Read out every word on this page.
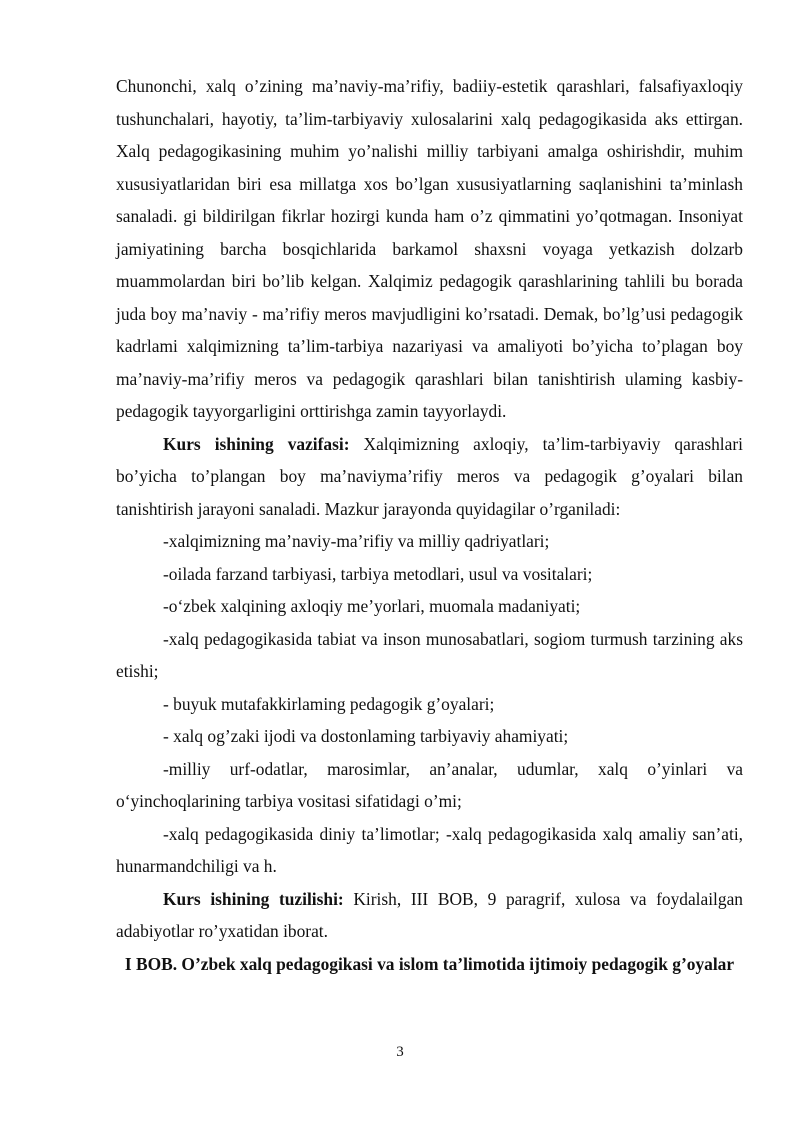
Chunonchi, xalq o’zining ma’naviy-ma’rifiy, badiiy-estetik qarashlari, falsafiyaxloqiy tushunchalari, hayotiy, ta’lim-tarbiyaviy xulosalarini xalq pedagogikasida aks ettirgan. Xalq pedagogikasining muhim yo’nalishi milliy tarbiyani amalga oshirishdir, muhim xususiyatlaridan biri esa millatga xos bo’lgan xususiyatlarning saqlanishini ta’minlash sanaladi. gi bildirilgan fikrlar hozirgi kunda ham o’z qimmatini yo’qotmagan. Insoniyat jamiyatining barcha bosqichlarida barkamol shaxsni voyaga yetkazish dolzarb muammolardan biri bo’lib kelgan. Xalqimiz pedagogik qarashlarining tahlili bu borada juda boy ma’naviy - ma’rifiy meros mavjudligini ko’rsatadi. Demak, bo’lg’usi pedagogik kadrlami xalqimizning ta’lim-tarbiya nazariyasi va amaliyoti bo’yicha to’plagan boy ma’naviy-ma’rifiy meros va pedagogik qarashlari bilan tanishtirish ulaming kasbiy-pedagogik tayyorgarligini orttirishga zamin tayyorlaydi.

Kurs ishining vazifasi: Xalqimizning axloqiy, ta’lim-tarbiyaviy qarashlari bo’yicha to’plangan boy ma’naviyma’rifiy meros va pedagogik g’oyalari bilan tanishtirish jarayoni sanaladi. Mazkur jarayonda quyidagilar o’rganiladi:

-xalqimizning ma’naviy-ma’rifiy va milliy qadriyatlari;

-oilada farzand tarbiyasi, tarbiya metodlari, usul va vositalari;

-o‘zbek xalqining axloqiy me’yorlari, muomala madaniyati;

-xalq pedagogikasida tabiat va inson munosabatlari, sogiom turmush tarzining aks etishi;

- buyuk mutafakkirlaming pedagogik g’oyalari;

- xalq og’zaki ijodi va dostonlaming tarbiyaviy ahamiyati;

-milliy urf-odatlar, marosimlar, an’analar, udumlar, xalq o’yinlari va o‘yinchoqlarining tarbiya vositasi sifatidagi o’mi;

-xalq pedagogikasida diniy ta’limotlar; -xalq pedagogikasida xalq amaliy san’ati, hunarmandchiligi va h.

Kurs ishining tuzilishi: Kirish, III BOB, 9 paragrif, xulosa va foydalailgan adabiyotlar ro’yxatidan iborat.

I BOB. O’zbek xalq pedagogikasi va islom ta’limotida ijtimoiy pedagogik g’oyalar

3
